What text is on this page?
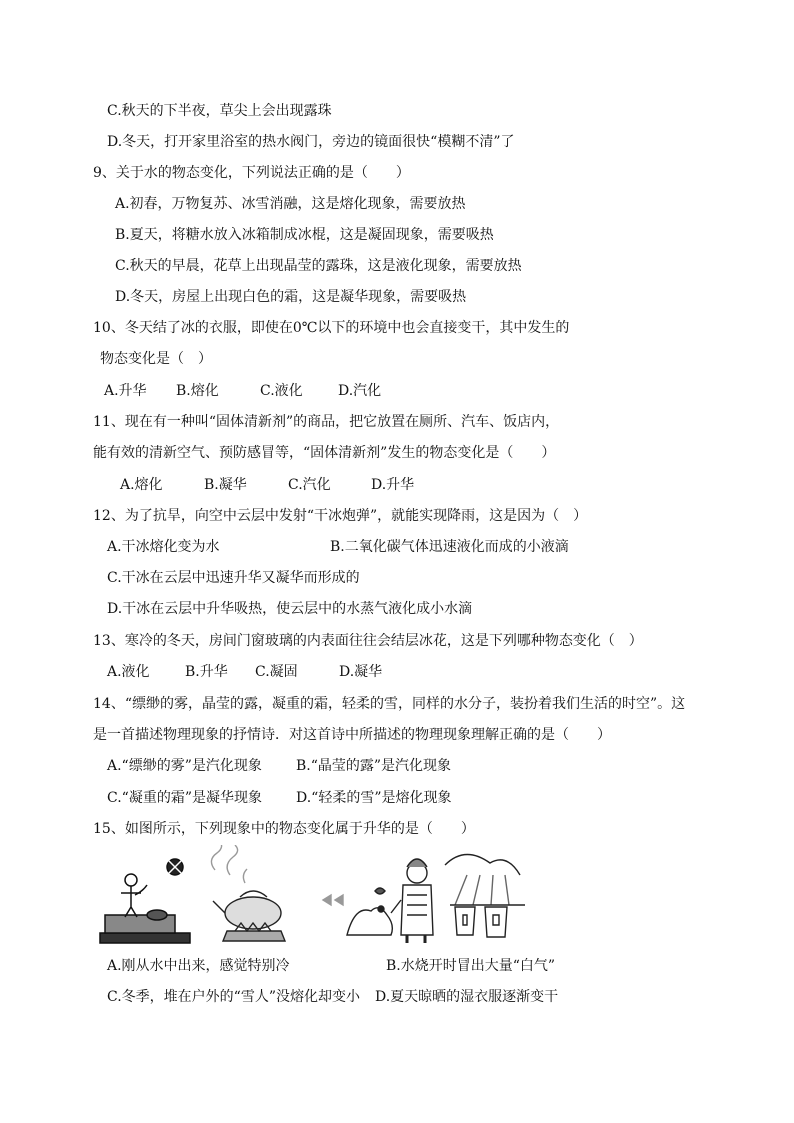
C.秋天的下半夜，草尖上会出现露珠
D.冬天，打开家里浴室的热水阀门，旁边的镜面很快“模糊不清”了
9、关于水的物态变化，下列说法正确的是（　　）
A.初春，万物复苏、冰雪消融，这是熔化现象，需要放热
B.夏天，将糖水放入冰箱制成冰棍，这是凝固现象，需要吸热
C.秋天的早晨，花草上出现晶莹的露珠，这是液化现象，需要放热
D.冬天，房屋上出现白色的霜，这是凝华现象，需要吸热
10、冬天结了冰的衣服，即使在0℃以下的环境中也会直接变干，其中发生的
物态变化是（　）
A.升华 B.熔化	C.液化	D.汽化
11、现在有一种叫“固体清新剂”的商品，把它放置在厕所、汽车、饭店内，
能有效的清新空气、预防感冒等，“固体清新剂”发生的物态变化是（　　）
A.熔化	B.凝华	C.汽化	D.升华
12、为了抗旱，向空中云层中发射“干冰炮弹”，就能实现降雨，这是因为（　）
A.干冰熔化变为水	B.二氧化碳气体迅速液化而成的小液滴
C.干冰在云层中迅速升华又凝华而形成的
D.干冰在云层中升华吸热，使云层中的水蒸气液化成小水滴
13、寒冷的冬天，房间门窗玻璃的内表面往往会结层冰花，这是下列哪种物态变化（　）
A.液化	B.升华 C.凝固	D.凝华
14、“缥缈的雾，晶莹的露，凝重的霜，轻柔的雪，同样的水分子，装扮着我们生活的时空”。这
是一首描述物理现象的抒情诗．对这首诗中所描述的物理现象理解正确的是（　　）
A.“缥缈的雾”是汽化现象 B.“晶莹的露”是汽化现象
C.“凝重的霜”是凝华现象 D.“轻柔的雪”是熔化现象
15、如图所示，下列现象中的物态变化属于升华的是（　　）
A.刚从水中出来，感觉特别冷	B.水烧开时冒出大量“白气”
C.冬季，堆在户外的“雪人”没熔化却变小 D.夏天晾晒的湿衣服逐渐变干
